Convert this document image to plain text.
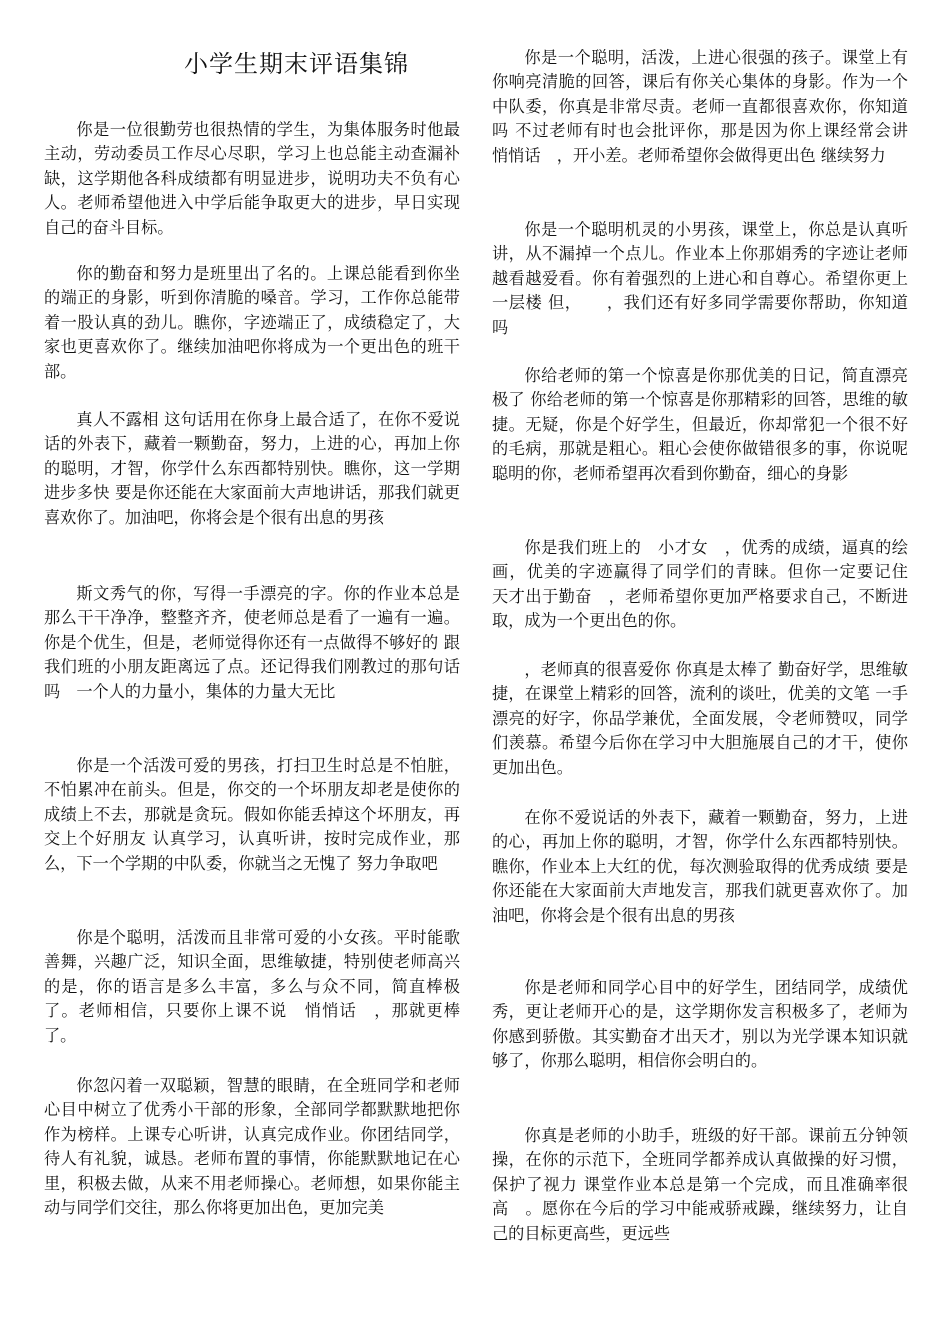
小学生期末评语集锦

你是一位很勤劳也很热情的学生，为集体服务时他最主动，劳动委员工作尽心尽职，学习上也总能主动查漏补缺，这学期他各科成绩都有明显进步，说明功夫不负有心人。老师希望他进入中学后能争取更大的进步，早日实现自己的奋斗目标。

你的勤奋和努力是班里出了名的。上课总能看到你坐的端正的身影，听到你清脆的嗓音。学习，工作你总能带着一股认真的劲儿。瞧你，字迹端正了，成绩稳定了，大家也更喜欢你了。继续加油吧你将成为一个更出色的班干部。

真人不露相 这句话用在你身上最合适了，在你不爱说话的外表下，藏着一颗勤奋，努力，上进的心，再加上你的聪明，才智，你学什么东西都特别快。瞧你，这一学期进步多快 要是你还能在大家面前大声地讲话，那我们就更喜欢你了。加油吧，你将会是个很有出息的男孩

斯文秀气的你，写得一手漂亮的字。你的作业本总是那么干干净净，整整齐齐，使老师总是看了一遍有一遍。你是个优生，但是，老师觉得你还有一点做得不够好的 跟我们班的小朋友距离远了点。还记得我们刚教过的那句话吗　一个人的力量小，集体的力量大无比

你是一个活泼可爱的男孩，打扫卫生时总是不怕脏，不怕累冲在前头。但是，你交的一个坏朋友却老是使你的成绩上不去，那就是贪玩。假如你能丢掉这个坏朋友，再交上个好朋友 认真学习，认真听讲，按时完成作业，那么，下一个学期的中队委，你就当之无愧了 努力争取吧

你是个聪明，活泼而且非常可爱的小女孩。平时能歌善舞，兴趣广泛，知识全面，思维敏捷，特别使老师高兴的是，你的语言是多么丰富，多么与众不同，简直棒极了。老师相信，只要你上课不说　悄悄话　，那就更棒了。

你忽闪着一双聪颖，智慧的眼睛，在全班同学和老师心目中树立了优秀小干部的形象，全部同学都默默地把你作为榜样。上课专心听讲，认真完成作业。你团结同学，待人有礼貌，诚恳。老师布置的事情，你能默默地记在心里，积极去做，从来不用老师操心。老师想，如果你能主动与同学们交往，那么你将更加出色，更加完美

你是一个聪明，活泼，上进心很强的孩子。课堂上有你响亮清脆的回答，课后有你关心集体的身影。作为一个中队委，你真是非常尽责。老师一直都很喜欢你，你知道吗 不过老师有时也会批评你，那是因为你上课经常会讲　悄悄话　，开小差。老师希望你会做得更出色 继续努力

你是一个聪明机灵的小男孩，课堂上，你总是认真听讲，从不漏掉一个点儿。作业本上你那娟秀的字迹让老师越看越爱看。你有着强烈的上进心和自尊心。希望你更上一层楼 但，　　，我们还有好多同学需要你帮助，你知道吗

你给老师的第一个惊喜是你那优美的日记，简直漂亮极了 你给老师的第一个惊喜是你那精彩的回答，思维的敏捷。无疑，你是个好学生，但最近，你却常犯一个很不好的毛病，那就是粗心。粗心会使你做错很多的事，你说呢 聪明的你，老师希望再次看到你勤奋，细心的身影

你是我们班上的　小才女　，优秀的成绩，逼真的绘画，优美的字迹赢得了同学们的青睐。但你一定要记住　天才出于勤奋　，老师希望你更加严格要求自己，不断进取，成为一个更出色的你。

，老师真的很喜爱你 你真是太棒了 勤奋好学，思维敏捷，在课堂上精彩的回答，流利的谈吐，优美的文笔 一手漂亮的好字，你品学兼优，全面发展，令老师赞叹，同学们羡慕。希望今后你在学习中大胆施展自己的才干，使你更加出色。

在你不爱说话的外表下，藏着一颗勤奋，努力，上进的心，再加上你的聪明，才智，你学什么东西都特别快。瞧你，作业本上大红的优，每次测验取得的优秀成绩 要是你还能在大家面前大声地发言，那我们就更喜欢你了。加油吧，你将会是个很有出息的男孩

你是老师和同学心目中的好学生，团结同学，成绩优秀，更让老师开心的是，这学期你发言积极多了，老师为你感到骄傲。其实勤奋才出天才，别以为光学课本知识就够了，你那么聪明，相信你会明白的。

你真是老师的小助手，班级的好干部。课前五分钟领操，在你的示范下，全班同学都养成认真做操的好习惯，保护了视力 课堂作业本总是第一个完成，而且准确率很高　。愿你在今后的学习中能戒骄戒躁，继续努力，让自己的目标更高些，更远些
